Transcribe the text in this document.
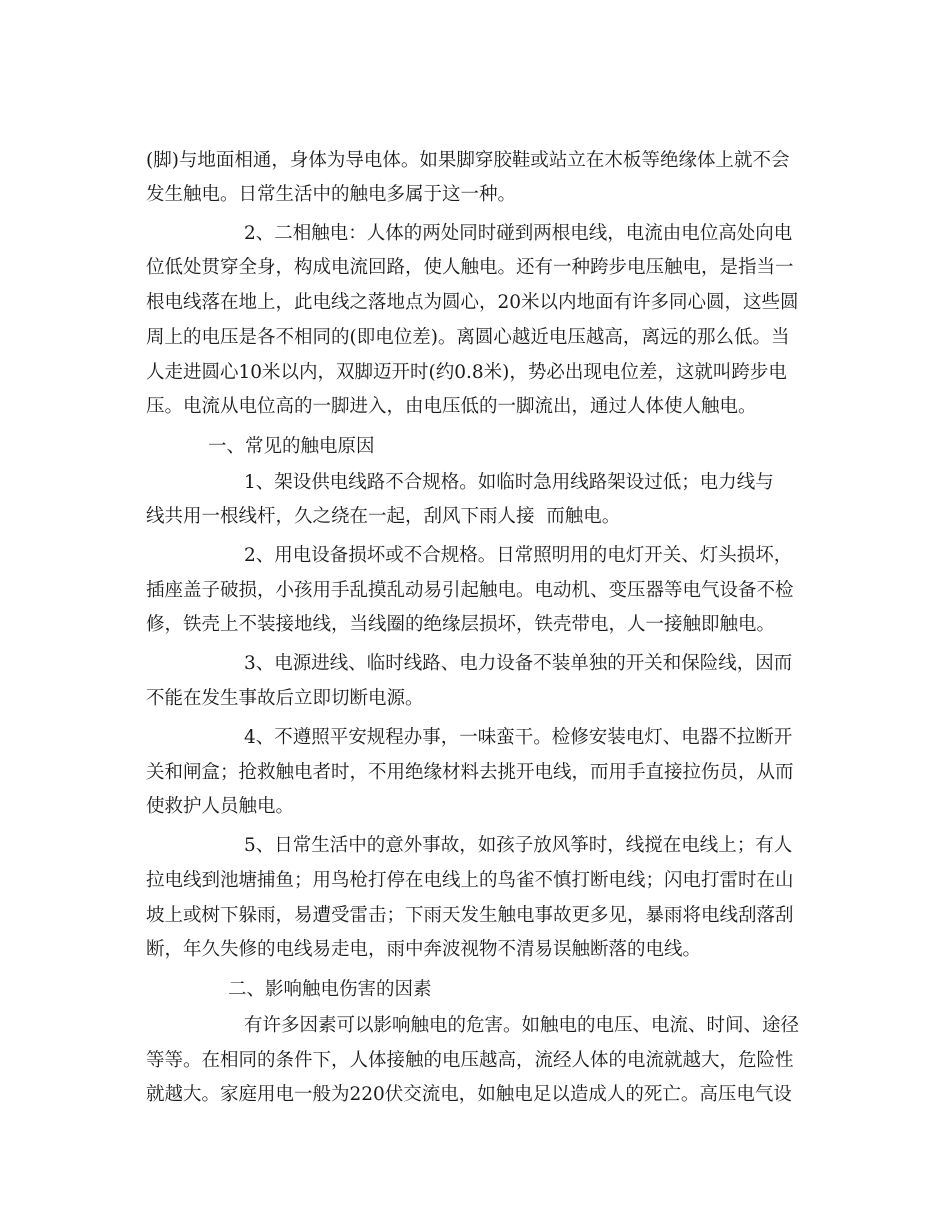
(脚)与地面相通，身体为导电体。如果脚穿胶鞋或站立在木板等绝缘体上就不会
发生触电。日常生活中的触电多属于这一种。
2、二相触电：人体的两处同时碰到两根电线，电流由电位高处向电
位低处贯穿全身，构成电流回路，使人触电。还有一种跨步电压触电，是指当一
根电线落在地上，此电线之落地点为圆心，20米以内地面有许多同心圆，这些圆
周上的电压是各不相同的(即电位差)。离圆心越近电压越高，离远的那么低。当
人走进圆心10米以内，双脚迈开时(约0.8米)，势必出现电位差，这就叫跨步电
压。电流从电位高的一脚进入，由电压低的一脚流出，通过人体使人触电。
一、常见的触电原因
1、架设供电线路不合规格。如临时急用线路架设过低；电力线与
线共用一根线杆，久之绕在一起，刮风下雨人接  而触电。
2、用电设备损坏或不合规格。日常照明用的电灯开关、灯头损坏，
插座盖子破损，小孩用手乱摸乱动易引起触电。电动机、变压器等电气设备不检
修，铁壳上不装接地线，当线圈的绝缘层损坏，铁壳带电，人一接触即触电。
3、电源进线、临时线路、电力设备不装单独的开关和保险线，因而
不能在发生事故后立即切断电源。
4、不遵照平安规程办事，一味蛮干。检修安装电灯、电器不拉断开
关和闸盒；抢救触电者时，不用绝缘材料去挑开电线，而用手直接拉伤员，从而
使救护人员触电。
5、日常生活中的意外事故，如孩子放风筝时，线搅在电线上；有人
拉电线到池塘捕鱼；用鸟枪打停在电线上的鸟雀不慎打断电线；闪电打雷时在山
坡上或树下躲雨，易遭受雷击；下雨天发生触电事故更多见，暴雨将电线刮落刮
断，年久失修的电线易走电，雨中奔波视物不清易误触断落的电线。
二、影响触电伤害的因素
有许多因素可以影响触电的危害。如触电的电压、电流、时间、途径
等等。在相同的条件下，人体接触的电压越高，流经人体的电流就越大，危险性
就越大。家庭用电一般为220伏交流电，如触电足以造成人的死亡。高压电气设
